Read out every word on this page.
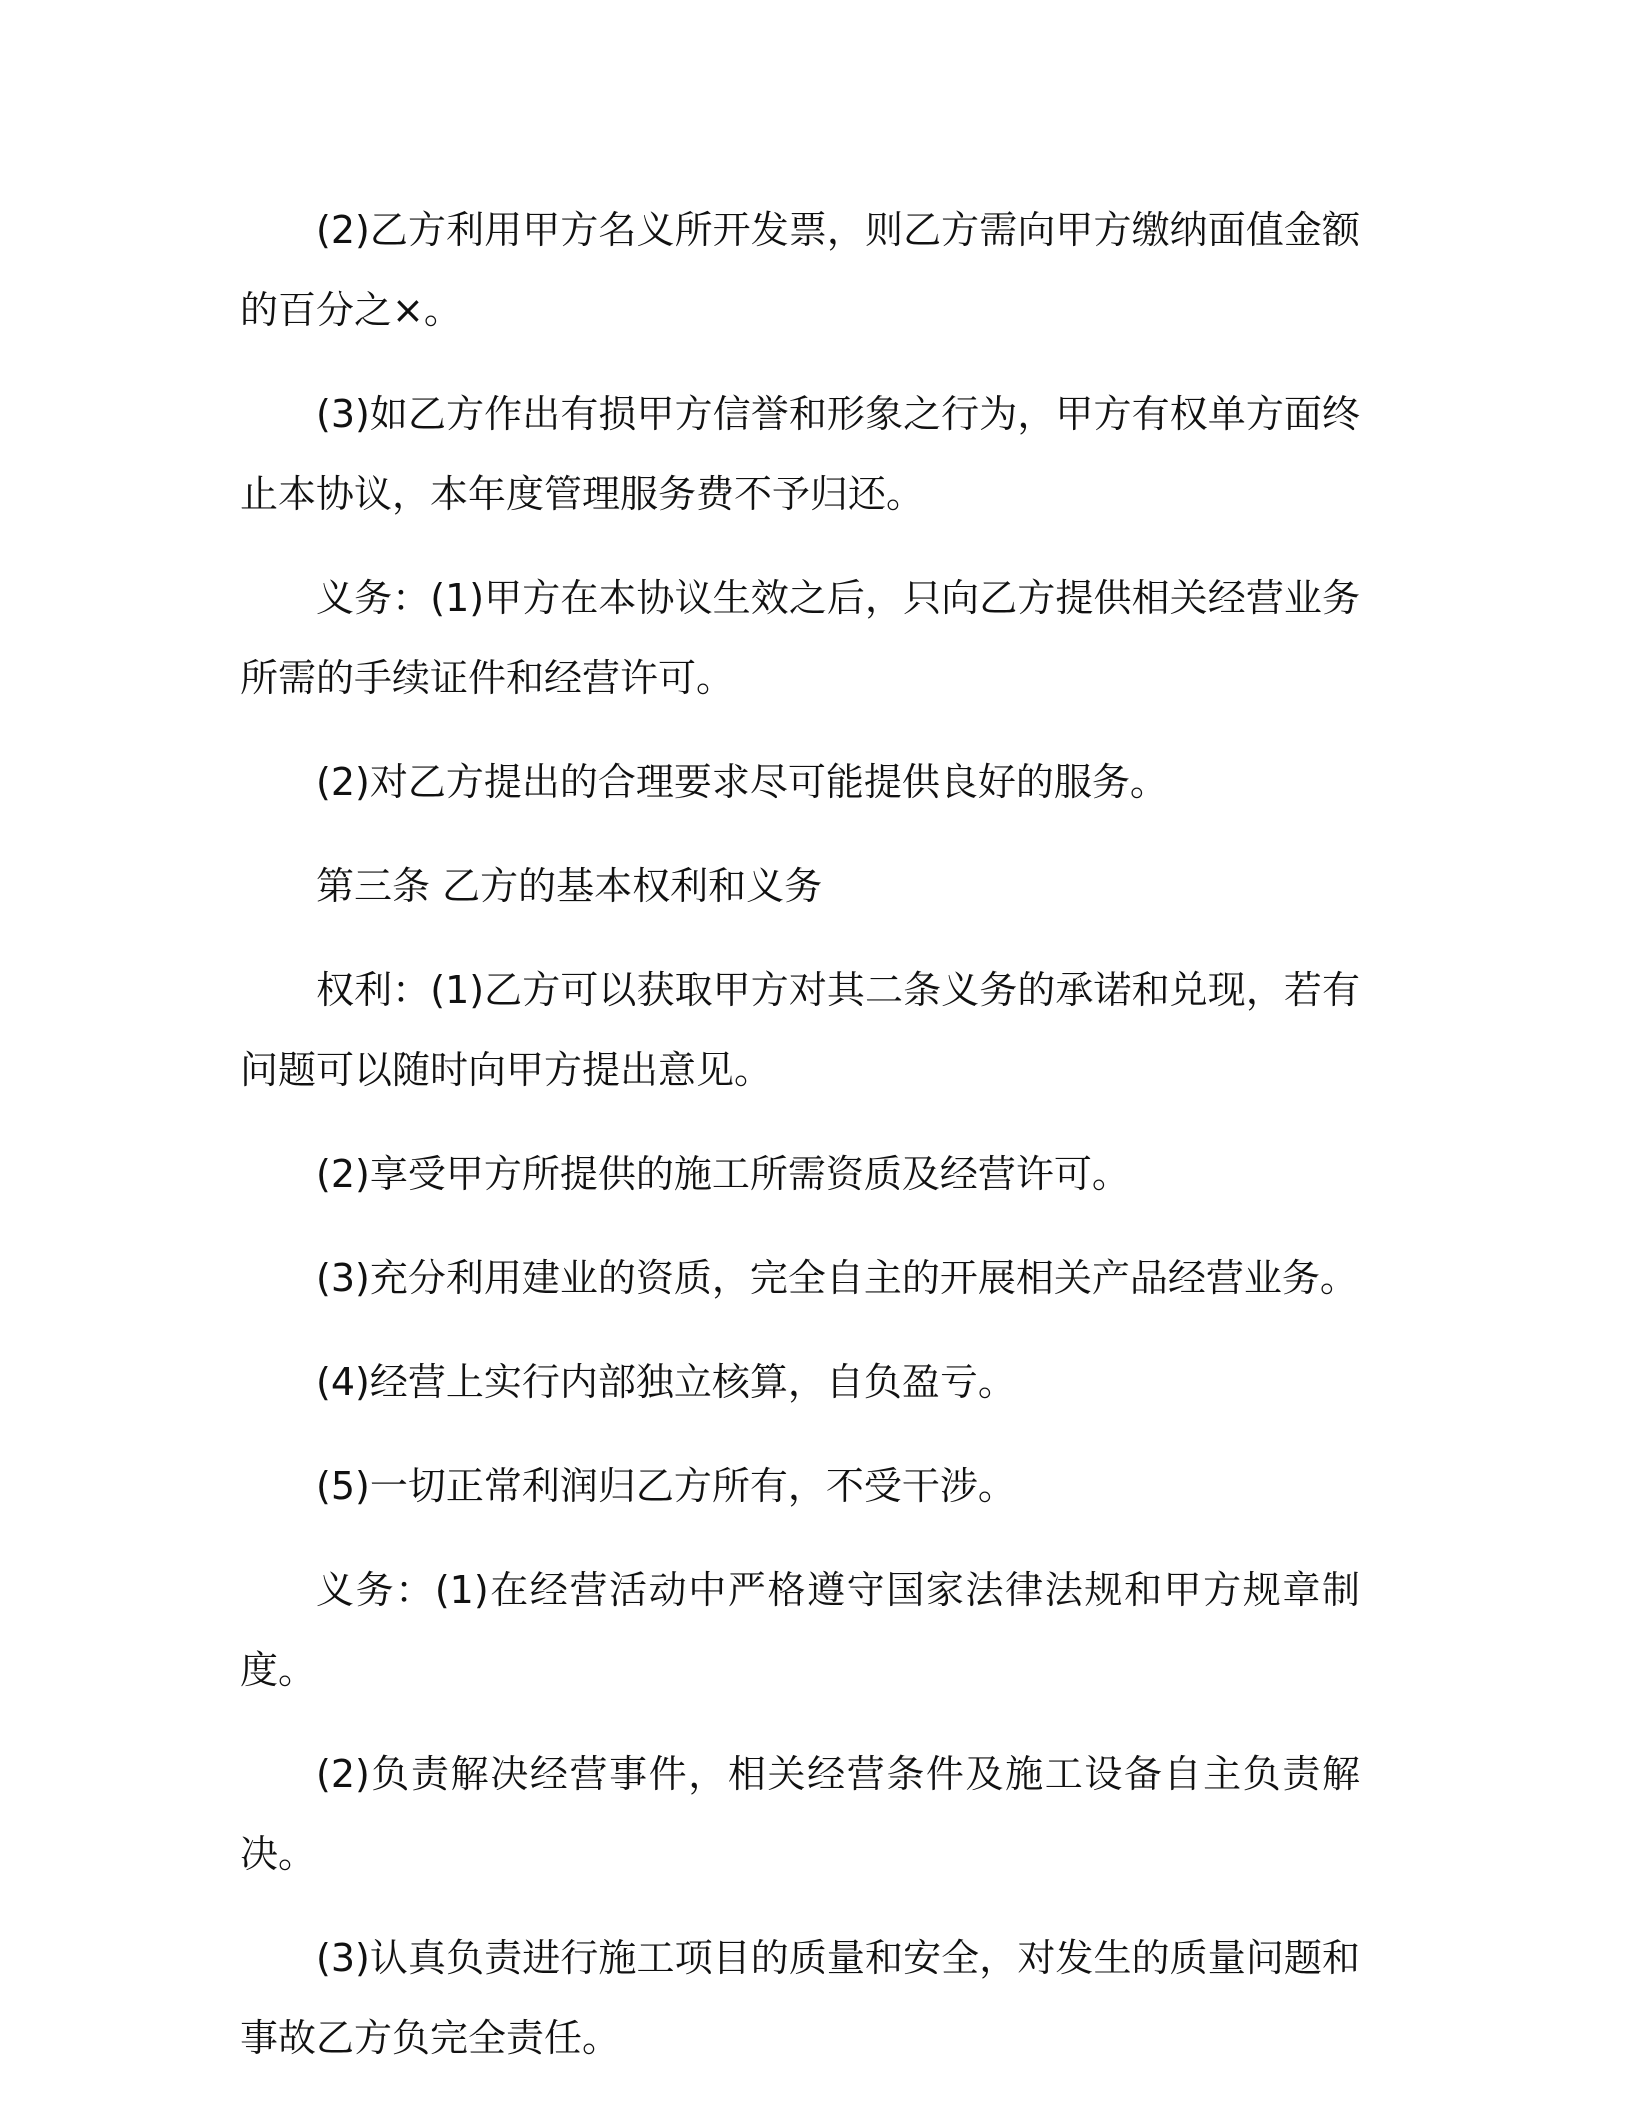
(2)乙方利用甲方名义所开发票，则乙方需向甲方缴纳面值金额的百分之×。

(3)如乙方作出有损甲方信誉和形象之行为，甲方有权单方面终止本协议，本年度管理服务费不予归还。

义务：(1)甲方在本协议生效之后，只向乙方提供相关经营业务所需的手续证件和经营许可。

(2)对乙方提出的合理要求尽可能提供良好的服务。

第三条 乙方的基本权利和义务

权利：(1)乙方可以获取甲方对其二条义务的承诺和兑现，若有问题可以随时向甲方提出意见。

(2)享受甲方所提供的施工所需资质及经营许可。

(3)充分利用建业的资质，完全自主的开展相关产品经营业务。

(4)经营上实行内部独立核算，自负盈亏。

(5)一切正常利润归乙方所有，不受干涉。

义务：(1)在经营活动中严格遵守国家法律法规和甲方规章制度。

(2)负责解决经营事件，相关经营条件及施工设备自主负责解决。

(3)认真负责进行施工项目的质量和安全，对发生的质量问题和事故乙方负完全责任。
